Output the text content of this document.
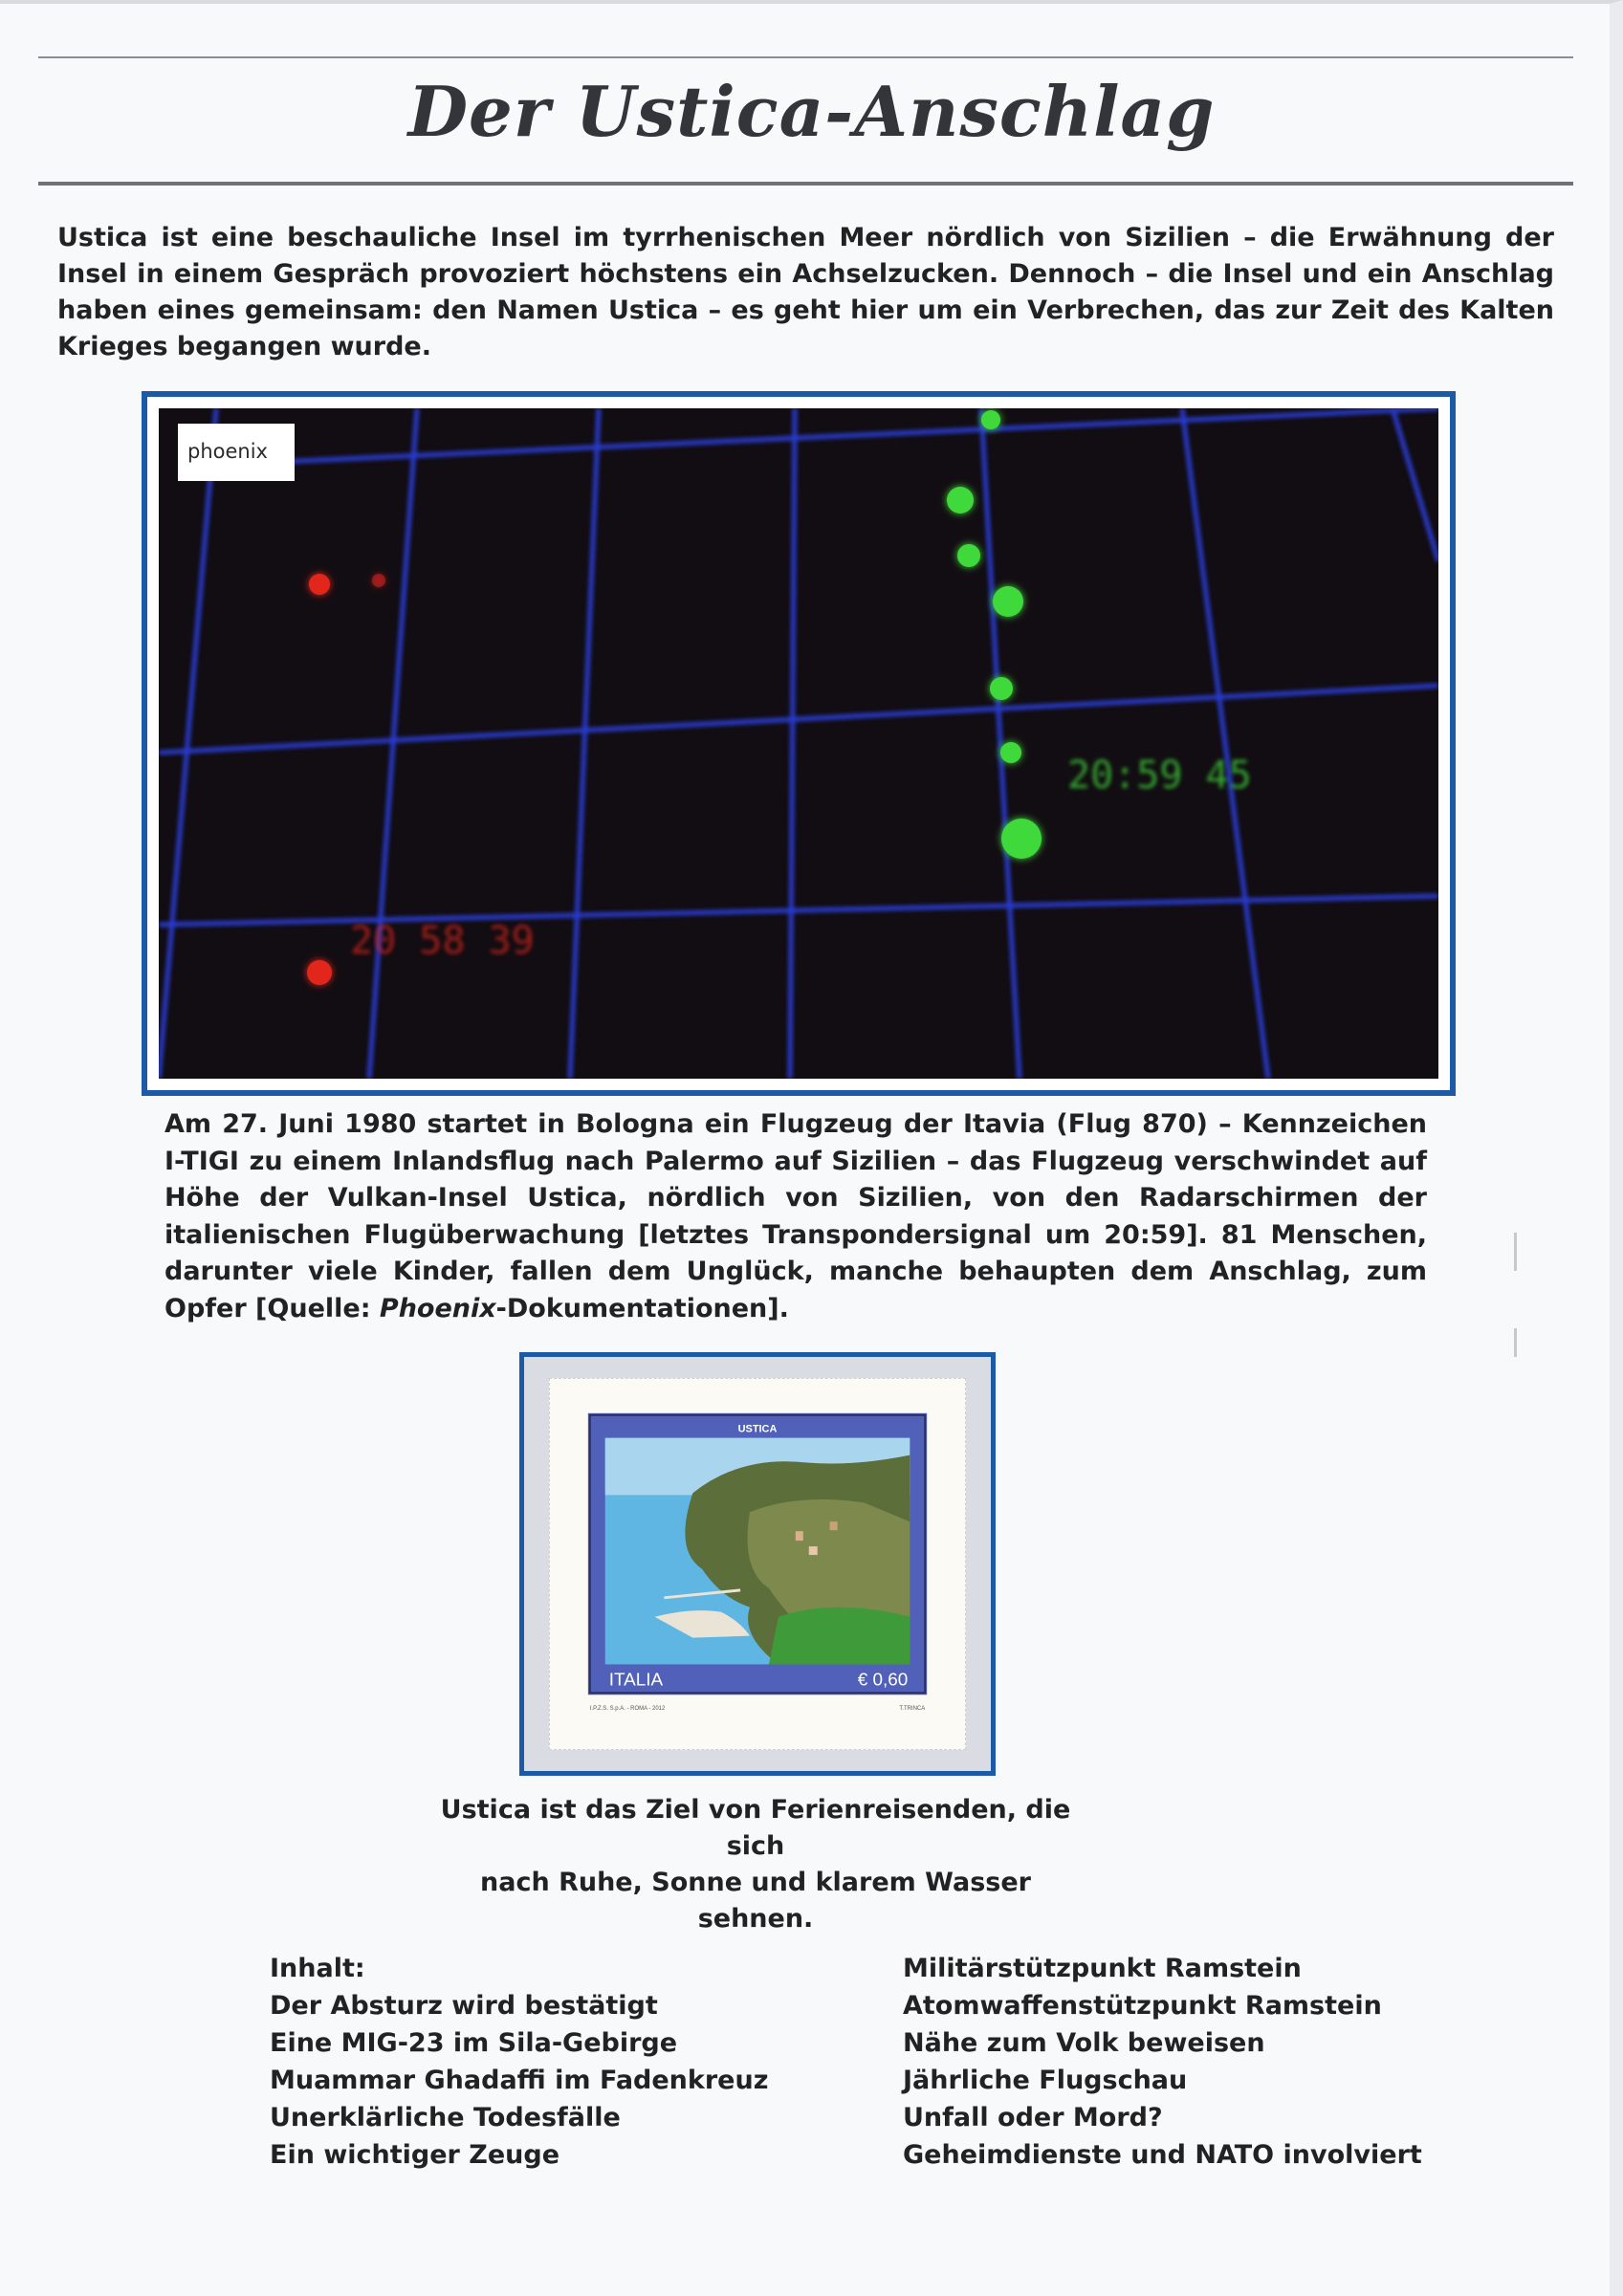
Der Ustica-Anschlag

Ustica ist eine beschauliche Insel im tyrrhenischen Meer nördlich von Sizilien – die Erwähnung der Insel in einem Gespräch provoziert höchstens ein Achselzucken. Dennoch – die Insel und ein Anschlag haben eines gemeinsam: den Namen Ustica – es geht hier um ein Verbrechen, das zur Zeit des Kalten Krieges begangen wurde.

20:59 45
20 58 39
phoenix

Am 27. Juni 1980 startet in Bologna ein Flugzeug der Itavia (Flug 870) – Kennzeichen I-TIGI zu einem Inlandsflug nach Palermo auf Sizilien – das Flugzeug verschwindet auf Höhe der Vulkan-Insel Ustica, nördlich von Sizilien, von den Radarschirmen der italienischen Flugüberwachung [letztes Transpondersignal um 20:59]. 81 Menschen, darunter viele Kinder, fallen dem Unglück, manche behaupten dem Anschlag, zum Opfer [Quelle: Phoenix-Dokumentationen].

USTICA
ITALIA	€ 0,60
I.P.Z.S. S.p.A. - ROMA - 2012	T.TRINCA
Ustica ist das Ziel von Ferienreisenden, die sich
nach Ruhe, Sonne und klarem Wasser sehnen.
Inhalt:
Der Absturz wird bestätigt
Eine MIG-23 im Sila-Gebirge
Muammar Ghadaffi im Fadenkreuz
Unerklärliche Todesfälle
Ein wichtiger Zeuge
Militärstützpunkt Ramstein
Atomwaffenstützpunkt Ramstein
Nähe zum Volk beweisen
Jährliche Flugschau
Unfall oder Mord?
Geheimdienste und NATO involviert
